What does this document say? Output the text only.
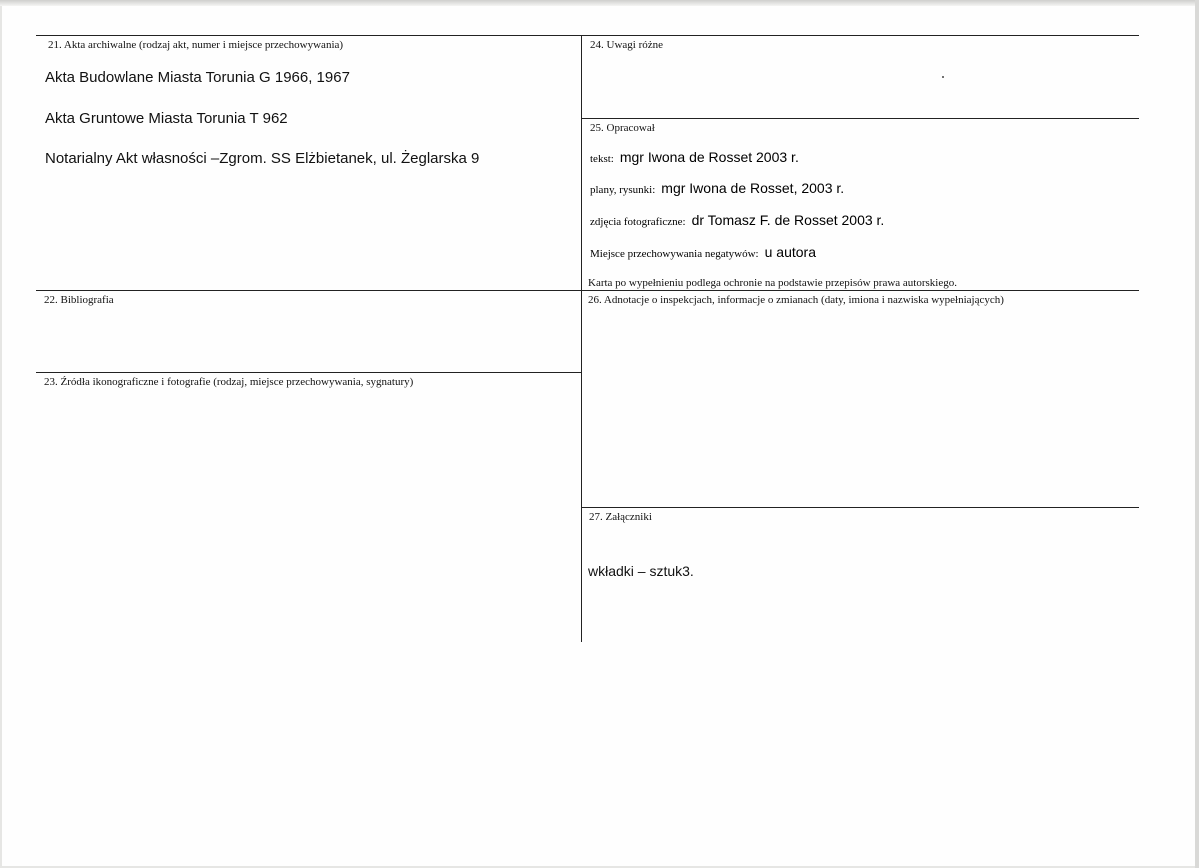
21. Akta archiwalne (rodzaj akt, numer i miejsce przechowywania)
Akta Budowlane Miasta Torunia G 1966, 1967
Akta Gruntowe Miasta Torunia T 962
Notarialny Akt własności –Zgrom. SS Elżbietanek, ul. Żeglarska 9
24. Uwagi różne
25. Opracował
tekst: mgr Iwona de Rosset 2003 r.
plany, rysunki: mgr Iwona de Rosset, 2003 r.
zdjęcia fotograficzne: dr Tomasz F. de Rosset 2003 r.
Miejsce przechowywania negatywów: u autora
Karta po wypełnieniu podlega ochronie na podstawie przepisów prawa autorskiego.
22. Bibliografia	26. Adnotacje o inspekcjach, informacje o zmianach (daty, imiona i nazwiska wypełniających)
23. Źródła ikonograficzne i fotografie (rodzaj, miejsce przechowywania, sygnatury)
27. Załączniki
wkładki – sztuk3.
